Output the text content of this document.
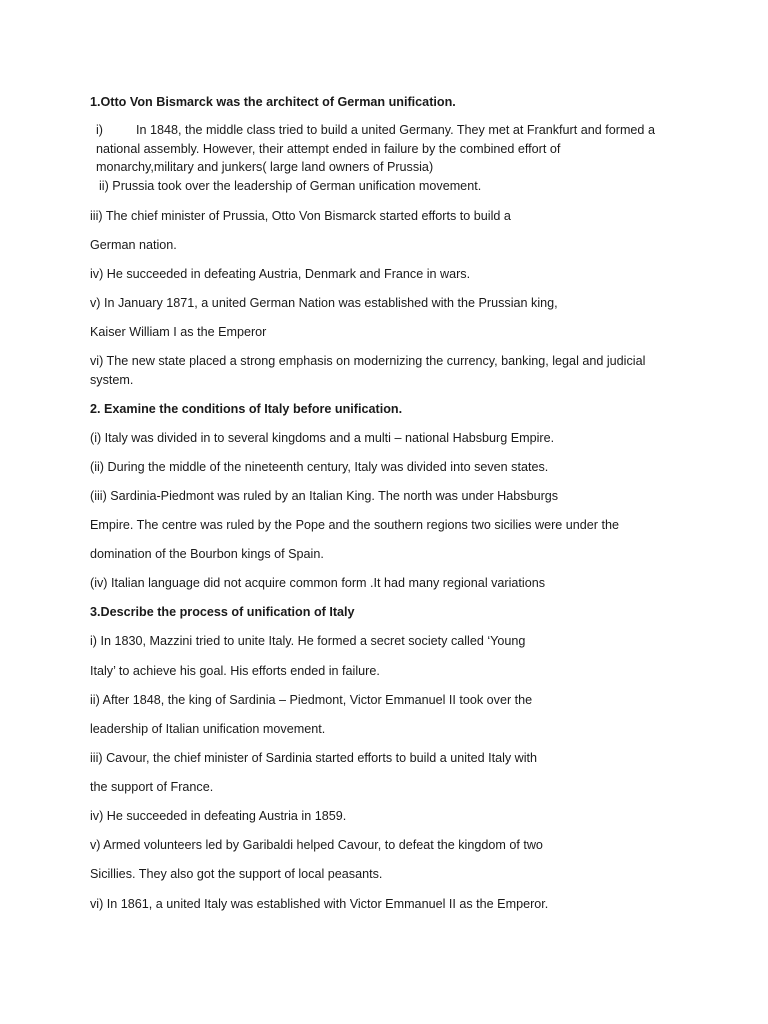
1.Otto Von Bismarck was the architect of German unification.
i)	In 1848, the middle class tried to build a united Germany. They met at Frankfurt and formed a
national assembly. However, their attempt ended in failure by the combined effort of
monarchy,military and junkers( large land owners of Prussia)
ii) Prussia took over the leadership of German unification movement.
iii) The chief minister of Prussia, Otto Von Bismarck started efforts to build a
German nation.
iv) He succeeded in defeating Austria, Denmark and France in wars.
v) In January 1871, a united German Nation was established with the Prussian king,
Kaiser William I as the Emperor
vi) The new state placed a strong emphasis on modernizing the currency, banking, legal and judicial
system.
2. Examine the conditions of Italy before unification.
(i) Italy was divided in to several kingdoms and a multi – national Habsburg Empire.
(ii) During the middle of the nineteenth century, Italy was divided into seven states.
(iii) Sardinia-Piedmont was ruled by an Italian King. The north was under Habsburgs
Empire. The centre was ruled by the Pope and the southern regions two sicilies were under the
domination of the Bourbon kings of Spain.
(iv) Italian language did not acquire common form .It had many regional variations
3.Describe the process of unification of Italy
i) In 1830, Mazzini tried to unite Italy. He formed a secret society called ‘Young
Italy’ to achieve his goal. His efforts ended in failure.
ii) After 1848, the king of Sardinia – Piedmont, Victor Emmanuel II took over the
leadership of Italian unification movement.
iii) Cavour, the chief minister of Sardinia started efforts to build a united Italy with
the support of France.
iv) He succeeded in defeating Austria in 1859.
v) Armed volunteers led by Garibaldi helped Cavour, to defeat the kingdom of two
Sicillies. They also got the support of local peasants.
vi) In 1861, a united Italy was established with Victor Emmanuel II as the Emperor.
